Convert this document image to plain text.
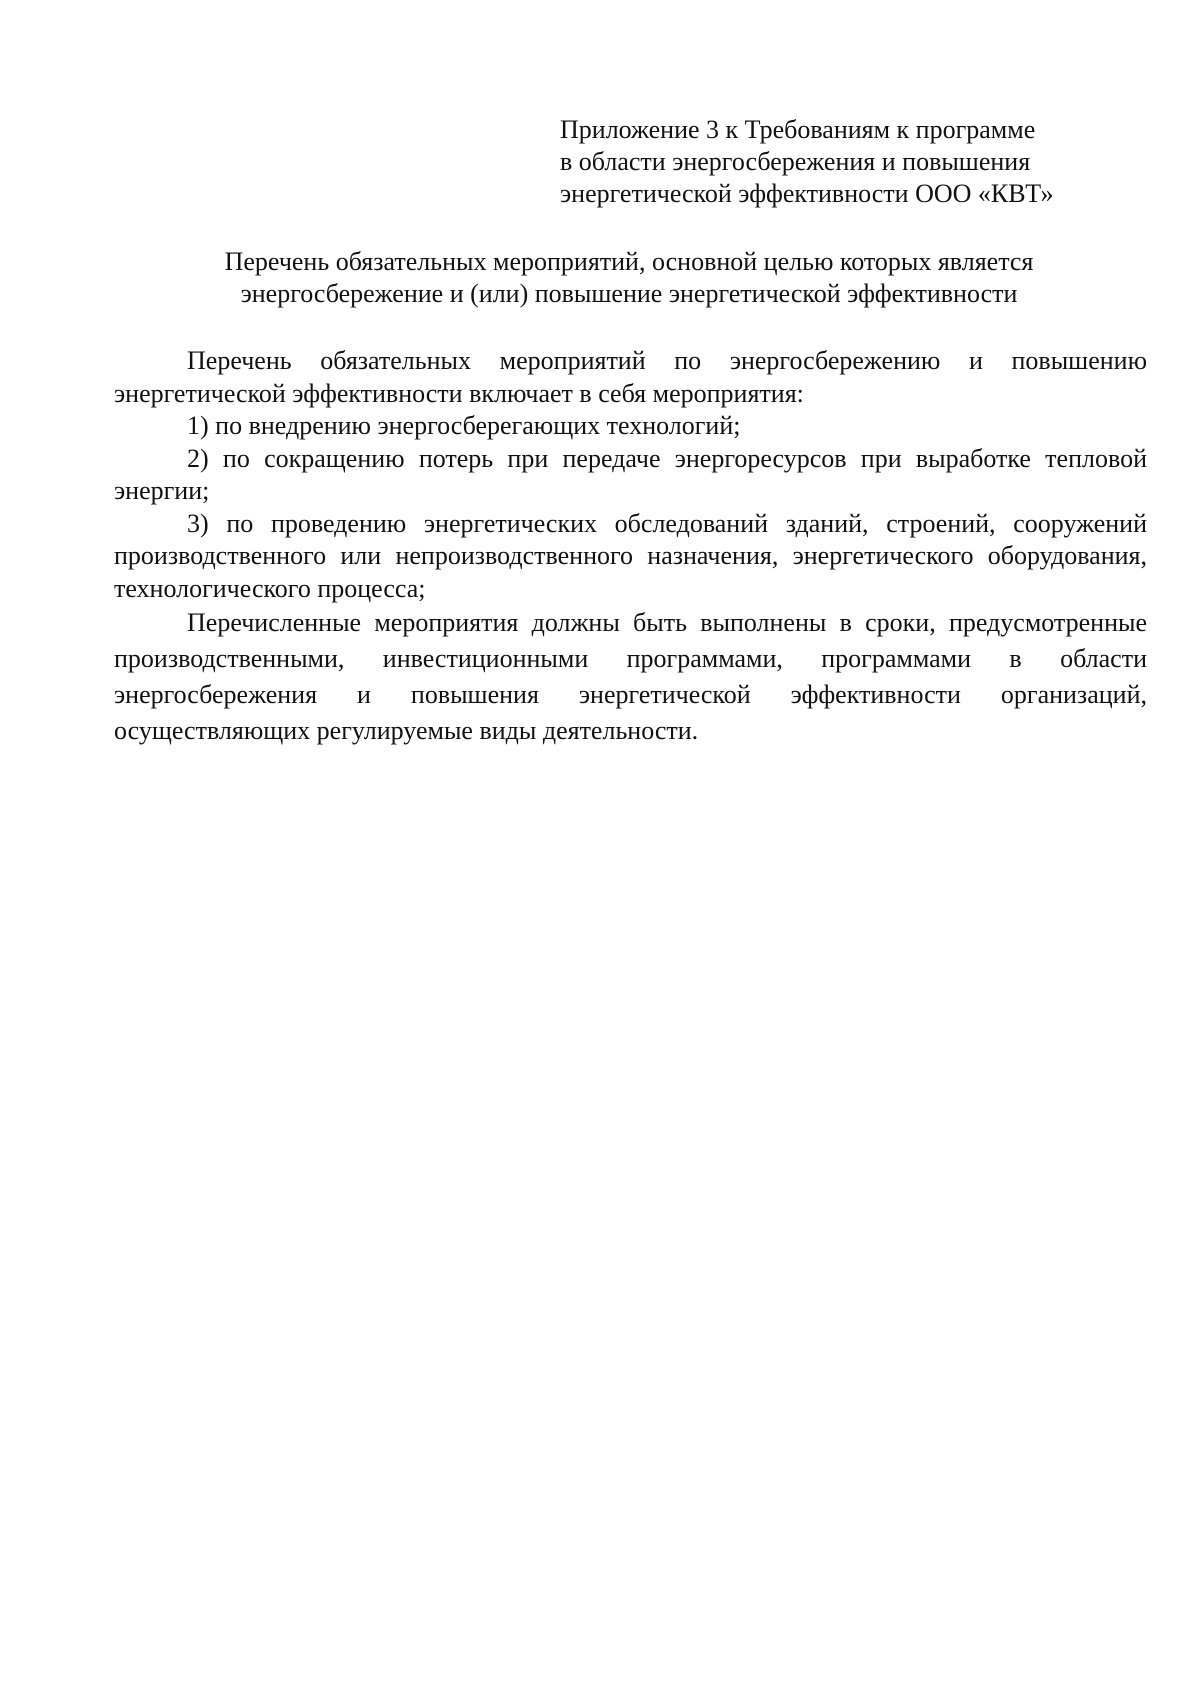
Приложение 3 к Требованиям к программе
в области энергосбережения и повышения
энергетической эффективности ООО «КВТ»
Перечень обязательных мероприятий, основной целью которых является
энергосбережение и (или) повышение энергетической эффективности

Перечень обязательных мероприятий по энергосбережению и повышению энергетической эффективности включает в себя мероприятия:

1) по внедрению энергосберегающих технологий;

2) по сокращению потерь при передаче энергоресурсов при выработке тепловой энергии;

3) по проведению энергетических обследований зданий, строений, сооружений производственного или непроизводственного назначения, энергетического оборудования, технологического процесса;

Перечисленные мероприятия должны быть выполнены в сроки, предусмотренные производственными, инвестиционными программами, программами в области энергосбережения и повышения энергетической эффективности организаций, осуществляющих регулируемые виды деятельности.
